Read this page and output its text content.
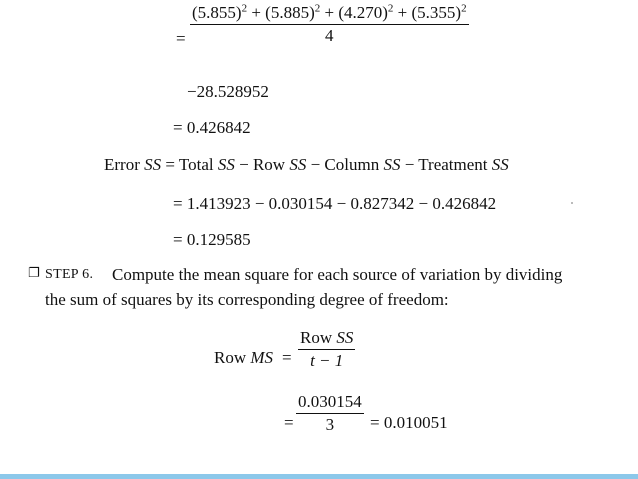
= $\frac{(5.855)^2 + (5.885)^2 + (4.270)^2 + (5.355)^2}{4}$
−28.528952
= 0.426842
Error SS = Total SS − Row SS − Column SS − Treatment SS
= 1.413923 − 0.030154 − 0.827342 − 0.426842
= 0.129585
❐ STEP 6. Compute the mean square for each source of variation by dividing
the sum of squares by its corresponding degree of freedom:
Row MS =
Row SS
t − 1
= $\frac{0.030154}{3} = 0.010051$
